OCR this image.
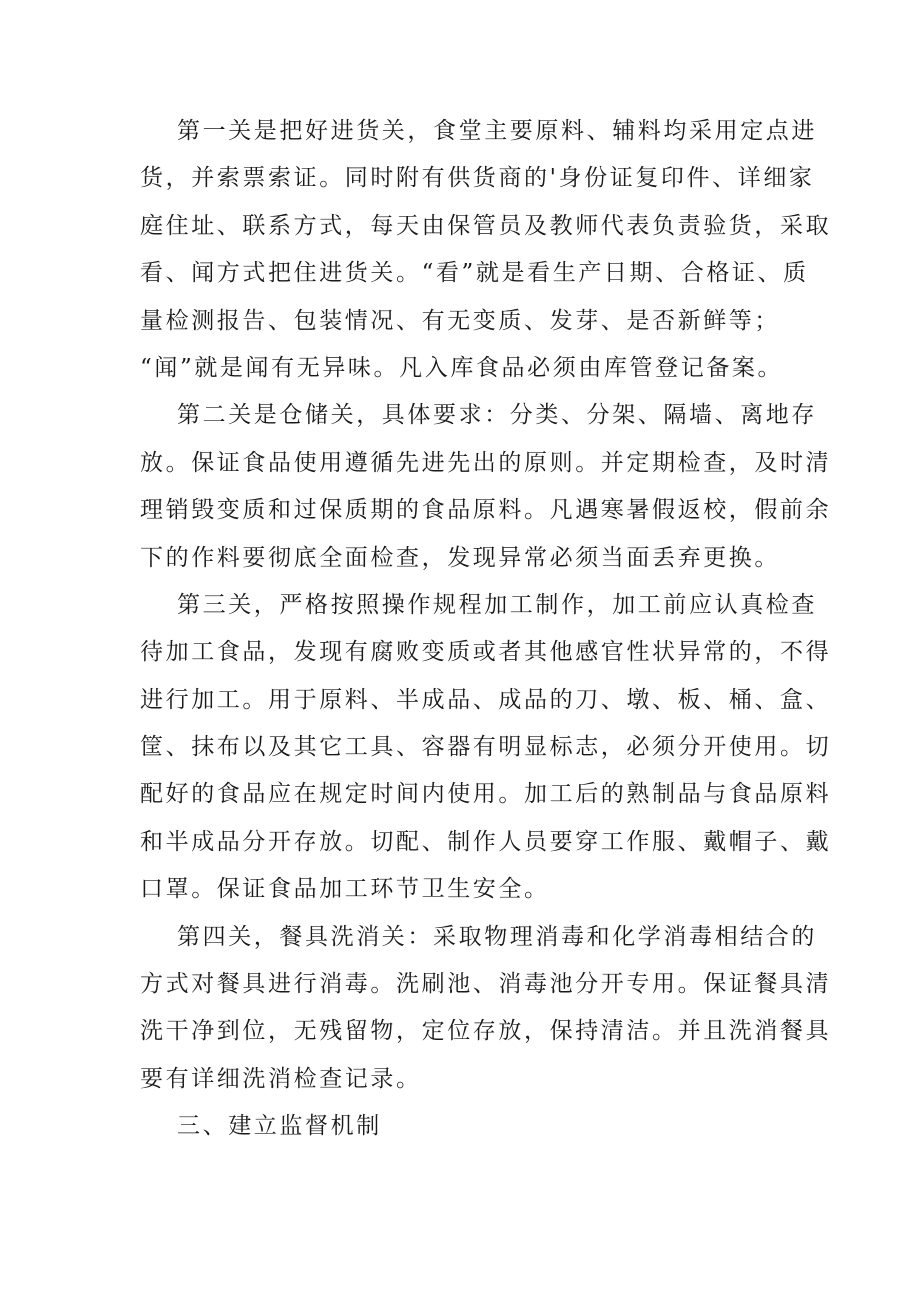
第一关是把好进货关，食堂主要原料、辅料均采用定点进
货，并索票索证。同时附有供货商的'身份证复印件、详细家
庭住址、联系方式，每天由保管员及教师代表负责验货，采取
看、闻方式把住进货关。“看”就是看生产日期、合格证、质
量检测报告、包装情况、有无变质、发芽、是否新鲜等；
“闻”就是闻有无异味。凡入库食品必须由库管登记备案。
第二关是仓储关，具体要求：分类、分架、隔墙、离地存
放。保证食品使用遵循先进先出的原则。并定期检查，及时清
理销毁变质和过保质期的食品原料。凡遇寒暑假返校，假前余
下的作料要彻底全面检查，发现异常必须当面丢弃更换。
第三关，严格按照操作规程加工制作，加工前应认真检查
待加工食品，发现有腐败变质或者其他感官性状异常的，不得
进行加工。用于原料、半成品、成品的刀、墩、板、桶、盒、
筐、抹布以及其它工具、容器有明显标志，必须分开使用。切
配好的食品应在规定时间内使用。加工后的熟制品与食品原料
和半成品分开存放。切配、制作人员要穿工作服、戴帽子、戴
口罩。保证食品加工环节卫生安全。
第四关，餐具洗消关：采取物理消毒和化学消毒相结合的
方式对餐具进行消毒。洗刷池、消毒池分开专用。保证餐具清
洗干净到位，无残留物，定位存放，保持清洁。并且洗消餐具
要有详细洗消检查记录。
三、建立监督机制
